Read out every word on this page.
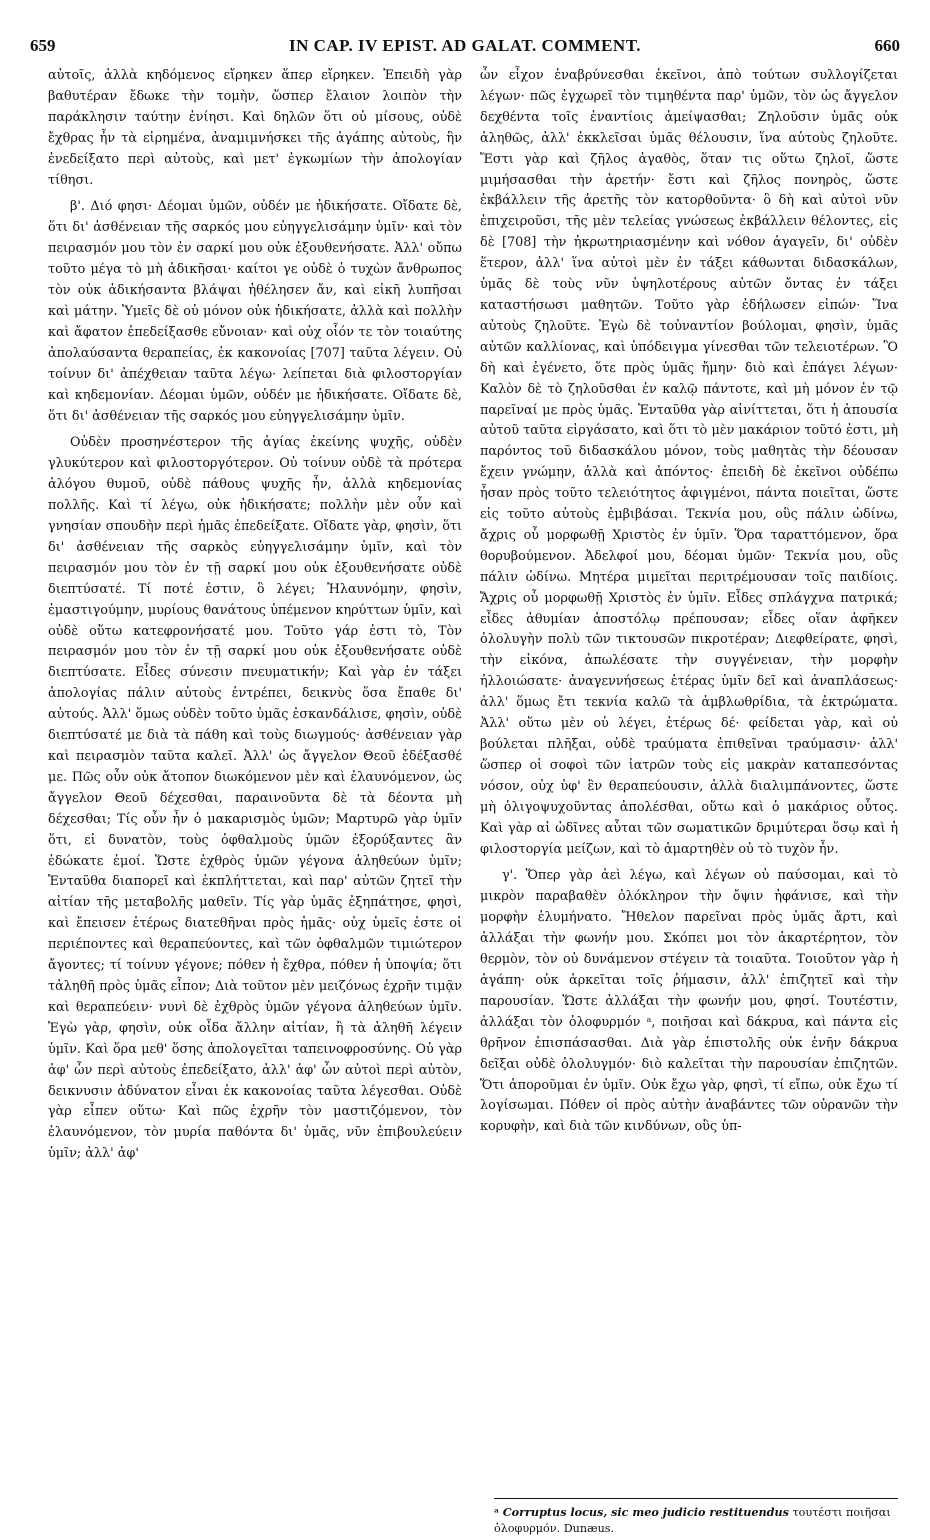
659	IN CAP. IV EPIST. AD GALAT. COMMENT.	660

αὐτοῖς, ἀλλὰ κηδόμενος εἴρηκεν ἅπερ εἴρηκεν. Ἐπειδὴ γὰρ βαθυτέραν ἔδωκε τὴν τομὴν, ὥσπερ ἔλαιον λοιπὸν τὴν παράκλησιν ταύτην ἐνίησι. Καὶ δηλῶν ὅτι οὐ μίσους, οὐδὲ ἔχθρας ἦν τὰ εἰρημένα, ἀναμιμνήσκει τῆς ἀγάπης αὐτοὺς, ἣν ἐνεδείξατο περὶ αὐτοὺς, καὶ μετ' ἐγκωμίων τὴν ἀπολογίαν τίθησι.

β'. Διό φησι· Δέομαι ὑμῶν, οὐδέν με ἠδικήσατε. Οἴδατε δὲ, ὅτι δι' ἀσθένειαν τῆς σαρκός μου εὐηγγελισάμην ὑμῖν· καὶ τὸν πειρασμόν μου τὸν ἐν σαρκί μου οὐκ ἐξουθενήσατε. Ἀλλ' οὔπω τοῦτο μέγα τὸ μὴ ἀδικῆσαι· καίτοι γε οὐδὲ ὁ τυχὼν ἄνθρωπος τὸν οὐκ ἀδικήσαντα βλάψαι ἠθέλησεν ἄν, καὶ εἰκῆ λυπῆσαι καὶ μάτην. Ὑμεῖς δὲ οὐ μόνον οὐκ ἠδικήσατε, ἀλλὰ καὶ πολλὴν καὶ ἄφατον ἐπεδείξασθε εὔνοιαν· καὶ οὐχ οἷόν τε τὸν τοιαύτης ἀπολαύσαντα θεραπείας, ἐκ κακονοίας [707] ταῦτα λέγειν. Οὐ τοίνυν δι' ἀπέχθειαν ταῦτα λέγω· λείπεται διὰ φιλοστοργίαν καὶ κηδεμονίαν. Δέομαι ὑμῶν, οὐδέν με ἠδικήσατε. Οἴδατε δὲ, ὅτι δι' ἀσθένειαν τῆς σαρκός μου εὐηγγελισάμην ὑμῖν.

Οὐδὲν προσηνέστερον τῆς ἁγίας ἐκείνης ψυχῆς, οὐδὲν γλυκύτερον καὶ φιλοστοργότερον. Οὐ τοίνυν οὐδὲ τὰ πρότερα ἀλόγου θυμοῦ, οὐδὲ πάθους ψυχῆς ἦν, ἀλλὰ κηδεμονίας πολλῆς. Καὶ τί λέγω, οὐκ ἠδικήσατε; πολλὴν μὲν οὖν καὶ γνησίαν σπουδὴν περὶ ἡμᾶς ἐπεδείξατε. Οἴδατε γὰρ, φησὶν, ὅτι δι' ἀσθένειαν τῆς σαρκὸς εὐηγγελισάμην ὑμῖν, καὶ τὸν πειρασμόν μου τὸν ἐν τῇ σαρκί μου οὐκ ἐξουθενήσατε οὐδὲ διεπτύσατέ. Τί ποτέ ἐστιν, ὃ λέγει; Ἠλαυνόμην, φησὶν, ἐμαστιγούμην, μυρίους θανάτους ὑπέμενον κηρύττων ὑμῖν, καὶ οὐδὲ οὕτω κατεφρονήσατέ μου. Τοῦτο γάρ ἐστι τὸ, Τὸν πειρασμόν μου τὸν ἐν τῇ σαρκί μου οὐκ ἐξουθενήσατε οὐδὲ διεπτύσατε. Εἶδες σύνεσιν πνευματικήν; Καὶ γὰρ ἐν τάξει ἀπολογίας πάλιν αὐτοὺς ἐντρέπει, δεικνὺς ὅσα ἔπαθε δι' αὐτούς. Ἀλλ' ὅμως οὐδὲν τοῦτο ὑμᾶς ἐσκανδάλισε, φησὶν, οὐδὲ διεπτύσατέ με διὰ τὰ πάθη καὶ τοὺς διωγμούς· ἀσθένειαν γὰρ καὶ πειρασμὸν ταῦτα καλεῖ. Ἀλλ' ὡς ἄγγελον Θεοῦ ἐδέξασθέ με. Πῶς οὖν οὐκ ἄτοπον διωκόμενον μὲν καὶ ἐλαυνόμενον, ὡς ἄγγελον Θεοῦ δέχεσθαι, παραινοῦντα δὲ τὰ δέοντα μὴ δέχεσθαι; Τίς οὖν ἦν ὁ μακαρισμὸς ὑμῶν; Μαρτυρῶ γὰρ ὑμῖν ὅτι, εἰ δυνατὸν, τοὺς ὀφθαλμοὺς ὑμῶν ἐξορύξαντες ἂν ἐδώκατε ἐμοί. Ὥστε ἐχθρὸς ὑμῶν γέγονα ἀληθεύων ὑμῖν; Ἐνταῦθα διαπορεῖ καὶ ἐκπλήττεται, καὶ παρ' αὐτῶν ζητεῖ τὴν αἰτίαν τῆς μεταβολῆς μαθεῖν. Τίς γὰρ ὑμᾶς ἐξηπάτησε, φησὶ, καὶ ἔπεισεν ἑτέρως διατεθῆναι πρὸς ἡμᾶς· οὐχ ὑμεῖς ἐστε οἱ περιέποντες καὶ θεραπεύοντες, καὶ τῶν ὀφθαλμῶν τιμιώτερον ἄγοντες; τί τοίνυν γέγονε; πόθεν ἡ ἔχθρα, πόθεν ἡ ὑποψία; ὅτι τἀληθῆ πρὸς ὑμᾶς εἶπον; Διὰ τοῦτον μὲν μειζόνως ἐχρῆν τιμᾷν καὶ θεραπεύειν· νυνὶ δὲ ἐχθρὸς ὑμῶν γέγονα ἀληθεύων ὑμῖν. Ἐγὼ γὰρ, φησὶν, οὐκ οἶδα ἄλλην αἰτίαν, ἢ τὰ ἀληθῆ λέγειν ὑμῖν. Καὶ ὅρα μεθ' ὅσης ἀπολογεῖται ταπεινοφροσύνης. Οὐ γὰρ ἀφ' ὧν περὶ αὐτοὺς ἐπεδείξατο, ἀλλ' ἀφ' ὧν αὐτοὶ περὶ αὐτὸν, δεικνυσιν ἀδύνατον εἶναι ἐκ κακονοίας ταῦτα λέγεσθαι. Οὐδὲ γὰρ εἶπεν οὕτω· Καὶ πῶς ἐχρῆν τὸν μαστιζόμενον, τὸν ἐλαυνόμενον, τὸν μυρία παθόντα δι' ὑμᾶς, νῦν ἐπιβουλεύειν ὑμῖν; ἀλλ' ἀφ'

ὧν εἶχον ἐναβρύνεσθαι ἐκεῖνοι, ἀπὸ τούτων συλλογίζεται λέγων· πῶς ἐγχωρεῖ τὸν τιμηθέντα παρ' ὑμῶν, τὸν ὡς ἄγγελον δεχθέντα τοῖς ἐναντίοις ἀμείψασθαι; Ζηλοῦσιν ὑμᾶς οὐκ ἀληθῶς, ἀλλ' ἐκκλεῖσαι ὑμᾶς θέλουσιν, ἵνα αὐτοὺς ζηλοῦτε. Ἔστι γὰρ καὶ ζῆλος ἀγαθὸς, ὅταν τις οὕτω ζηλοῖ, ὥστε μιμήσασθαι τὴν ἀρετήν· ἔστι καὶ ζῆλος πονηρὸς, ὥστε ἐκβάλλειν τῆς ἀρετῆς τὸν κατορθοῦντα· ὃ δὴ καὶ αὐτοὶ νῦν ἐπιχειροῦσι, τῆς μὲν τελείας γνώσεως ἐκβάλλειν θέλοντες, εἰς δὲ [708] τὴν ἠκρωτηριασμένην καὶ νόθον ἀγαγεῖν, δι' οὐδὲν ἕτερον, ἀλλ' ἵνα αὐτοὶ μὲν ἐν τάξει κάθωνται διδασκάλων, ὑμᾶς δὲ τοὺς νῦν ὑψηλοτέρους αὐτῶν ὄντας ἐν τάξει καταστήσωσι μαθητῶν. Τοῦτο γὰρ ἐδήλωσεν εἰπών· Ἵνα αὐτοὺς ζηλοῦτε. Ἐγὼ δὲ τοὐναντίον βούλομαι, φησὶν, ὑμᾶς αὐτῶν καλλίονας, καὶ ὑπόδειγμα γίνεσθαι τῶν τελειοτέρων. Ὃ δὴ καὶ ἐγένετο, ὅτε πρὸς ὑμᾶς ἤμην· διὸ καὶ ἐπάγει λέγων· Καλὸν δὲ τὸ ζηλοῦσθαι ἐν καλῷ πάντοτε, καὶ μὴ μόνον ἐν τῷ παρεῖναί με πρὸς ὑμᾶς. Ἐνταῦθα γὰρ αἰνίττεται, ὅτι ἡ ἀπουσία αὐτοῦ ταῦτα εἰργάσατο, καὶ ὅτι τὸ μὲν μακάριον τοῦτό ἐστι, μὴ παρόντος τοῦ διδασκάλου μόνον, τοὺς μαθητὰς τὴν δέουσαν ἔχειν γνώμην, ἀλλὰ καὶ ἀπόντος· ἐπειδὴ δὲ ἐκεῖνοι οὐδέπω ἦσαν πρὸς τοῦτο τελειότητος ἀφιγμένοι, πάντα ποιεῖται, ὥστε εἰς τοῦτο αὐτοὺς ἐμβιβάσαι. Τεκνία μου, οὓς πάλιν ὠδίνω, ἄχρις οὗ μορφωθῇ Χριστὸς ἐν ὑμῖν. Ὅρα ταραττόμενον, ὅρα θορυβούμενον. Ἀδελφοί μου, δέομαι ὑμῶν· Τεκνία μου, οὓς πάλιν ὠδίνω. Μητέρα μιμεῖται περιτρέμουσαν τοῖς παιδίοις. Ἄχρις οὗ μορφωθῇ Χριστὸς ἐν ὑμῖν. Εἶδες σπλάγχνα πατρικά; εἶδες ἀθυμίαν ἀποστόλῳ πρέπουσαν; εἶδες οἵαν ἀφῆκεν ὀλολυγὴν πολὺ τῶν τικτουσῶν πικροτέραν; Διεφθείρατε, φησὶ, τὴν εἰκόνα, ἀπωλέσατε τὴν συγγένειαν, τὴν μορφὴν ἠλλοιώσατε· ἀναγεννήσεως ἑτέρας ὑμῖν δεῖ καὶ ἀναπλάσεως· ἀλλ' ὅμως ἔτι τεκνία καλῶ τὰ ἀμβλωθρίδια, τὰ ἐκτρώματα. Ἀλλ' οὕτω μὲν οὐ λέγει, ἑτέρως δέ· φείδεται γὰρ, καὶ οὐ βούλεται πλῆξαι, οὐδὲ τραύματα ἐπιθεῖναι τραύμασιν· ἀλλ' ὥσπερ οἱ σοφοὶ τῶν ἰατρῶν τοὺς εἰς μακρὰν καταπεσόντας νόσον, οὐχ ὑφ' ἓν θεραπεύουσιν, ἀλλὰ διαλιμπάνοντες, ὥστε μὴ ὀλιγοψυχοῦντας ἀπολέσθαι, οὕτω καὶ ὁ μακάριος οὗτος. Καὶ γὰρ αἱ ὠδῖνες αὗται τῶν σωματικῶν δριμύτεραι ὅσῳ καὶ ἡ φιλοστοργία μείζων, καὶ τὸ ἁμαρτηθὲν οὐ τὸ τυχὸν ἦν.

γ'. Ὅπερ γὰρ ἀεὶ λέγω, καὶ λέγων οὐ παύσομαι, καὶ τὸ μικρὸν παραβαθὲν ὁλόκληρον τὴν ὄψιν ἠφάνισε, καὶ τὴν μορφὴν ἐλυμήνατο. Ἤθελον παρεῖναι πρὸς ὑμᾶς ἄρτι, καὶ ἀλλάξαι τὴν φωνήν μου. Σκόπει μοι τὸν ἀκαρτέρητον, τὸν θερμὸν, τὸν οὐ δυνάμενον στέγειν τὰ τοιαῦτα. Τοιοῦτον γὰρ ἡ ἀγάπη· οὐκ ἀρκεῖται τοῖς ῥήμασιν, ἀλλ' ἐπιζητεῖ καὶ τὴν παρουσίαν. Ὥστε ἀλλάξαι τὴν φωνήν μου, φησί. Τουτέστιν, ἀλλάξαι τὸν ὀλοφυρμόν ᵃ, ποιῆσαι καὶ δάκρυα, καὶ πάντα εἰς θρῆνον ἐπισπάσασθαι. Διὰ γὰρ ἐπιστολῆς οὐκ ἐνῆν δάκρυα δεῖξαι οὐδὲ ὀλολυγμόν· διὸ καλεῖται τὴν παρουσίαν ἐπιζητῶν. Ὅτι ἀποροῦμαι ἐν ὑμῖν. Οὐκ ἔχω γὰρ, φησὶ, τί εἴπω, οὐκ ἔχω τί λογίσωμαι. Πόθεν οἱ πρὸς αὐτὴν ἀναβάντες τῶν οὐρανῶν τὴν κορυφὴν, καὶ διὰ τῶν κινδύνων, οὓς ὑπ-

ᵃ Corruptus locus, sic meo judicio restituendus τουτέστι ποιῆσαι ὀλοφυρμόν. Dunæus.
